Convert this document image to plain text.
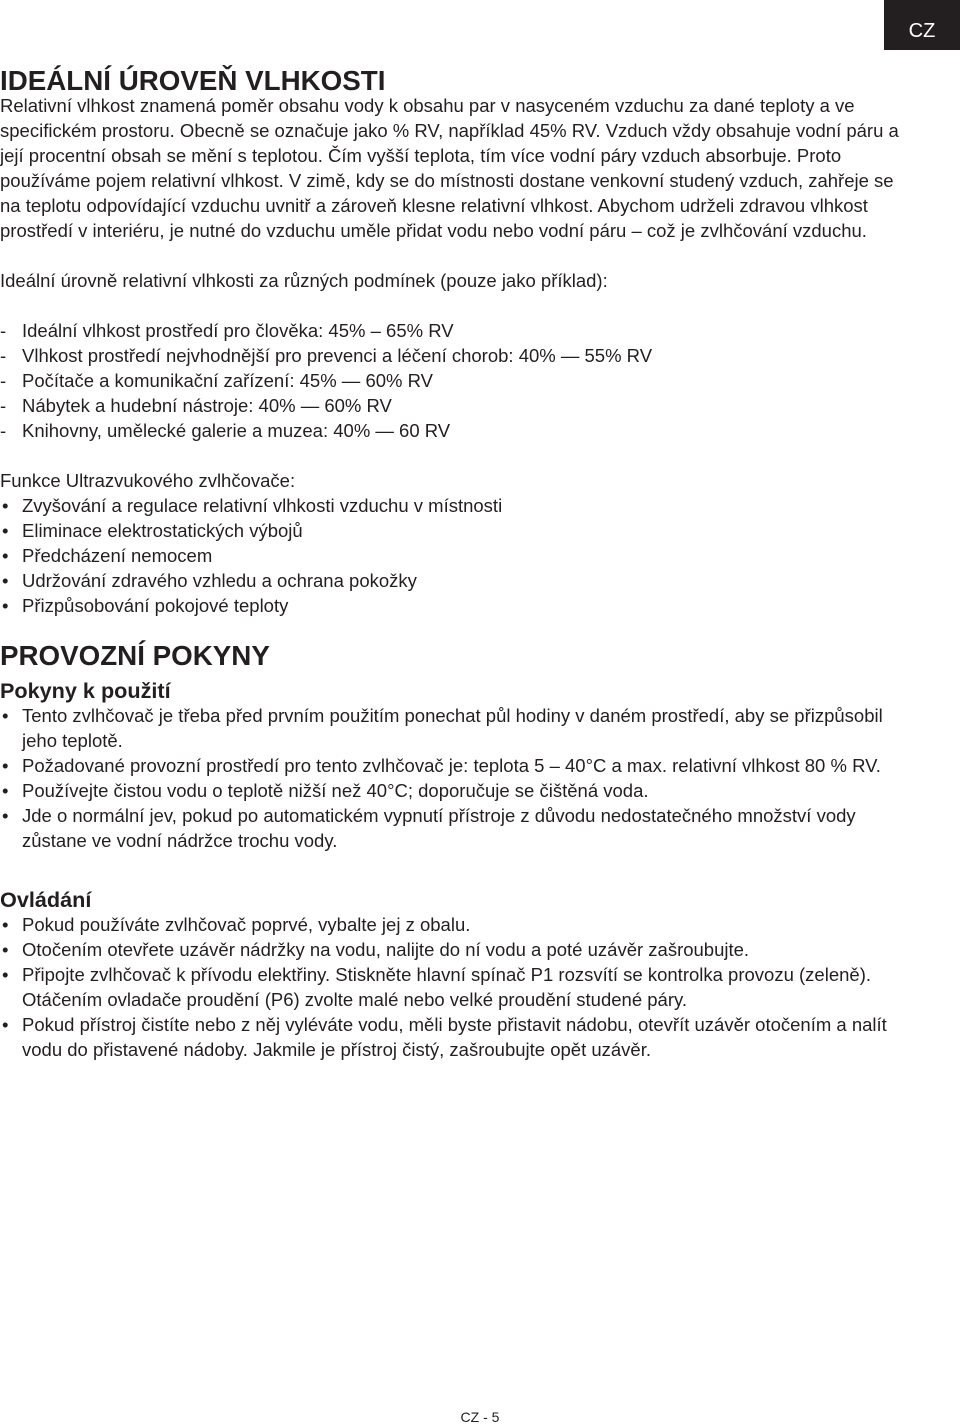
CZ
IDEÁLNÍ ÚROVEŇ VLHKOSTI

Relativní vlhkost znamená poměr obsahu vody k obsahu par v nasyceném vzduchu za dané teploty a ve specifickém prostoru. Obecně se označuje jako % RV, například 45% RV. Vzduch vždy obsahuje vodní páru a její procentní obsah se mění s teplotou. Čím vyšší teplota, tím více vodní páry vzduch absorbuje. Proto používáme pojem relativní vlhkost. V zimě, kdy se do místnosti dostane venkovní studený vzduch, zahřeje se na teplotu odpovídající vzduchu uvnitř a zároveň klesne relativní vlhkost. Abychom udrželi zdravou vlhkost prostředí v interiéru, je nutné do vzduchu uměle přidat vodu nebo vodní páru – což je zvlhčování vzduchu.

Ideální úrovně relativní vlhkosti za různých podmínek (pouze jako příklad):

- Ideální vlhkost prostředí pro člověka: 45% – 65% RV
- Vlhkost prostředí nejvhodnější pro prevenci a léčení chorob: 40% — 55% RV
- Počítače a komunikační zařízení: 45% — 60% RV
- Nábytek a hudební nástroje: 40% — 60% RV
- Knihovny, umělecké galerie a muzea: 40% — 60 RV

Funkce Ultrazvukového zvlhčovače:

• Zvyšování a regulace relativní vlhkosti vzduchu v místnosti
• Eliminace elektrostatických výbojů
• Předcházení nemocem
• Udržování zdravého vzhledu a ochrana pokožky
• Přizpůsobování pokojové teploty
PROVOZNÍ POKYNY
Pokyny k použití
• Tento zvlhčovač je třeba před prvním použitím ponechat půl hodiny v daném prostředí, aby se přizpůsobil jeho teplotě.
• Požadované provozní prostředí pro tento zvlhčovač je: teplota 5 – 40°C a max. relativní vlhkost 80 % RV.
• Používejte čistou vodu o teplotě nižší než 40°C; doporučuje se čištěná voda.
• Jde o normální jev, pokud po automatickém vypnutí přístroje z důvodu nedostatečného množství vody zůstane ve vodní nádržce trochu vody.
Ovládání
• Pokud používáte zvlhčovač poprvé, vybalte jej z obalu.
• Otočením otevřete uzávěr nádržky na vodu, nalijte do ní vodu a poté uzávěr zašroubujte.
• Připojte zvlhčovač k přívodu elektřiny. Stiskněte hlavní spínač P1 rozsvítí se kontrolka provozu (zeleně). Otáčením ovladače proudění (P6) zvolte malé nebo velké proudění studené páry.
• Pokud přístroj čistíte nebo z něj vyléváte vodu, měli byste přistavit nádobu, otevřít uzávěr otočením a nalít vodu do přistavené nádoby. Jakmile je přístroj čistý, zašroubujte opět uzávěr.
CZ - 5
